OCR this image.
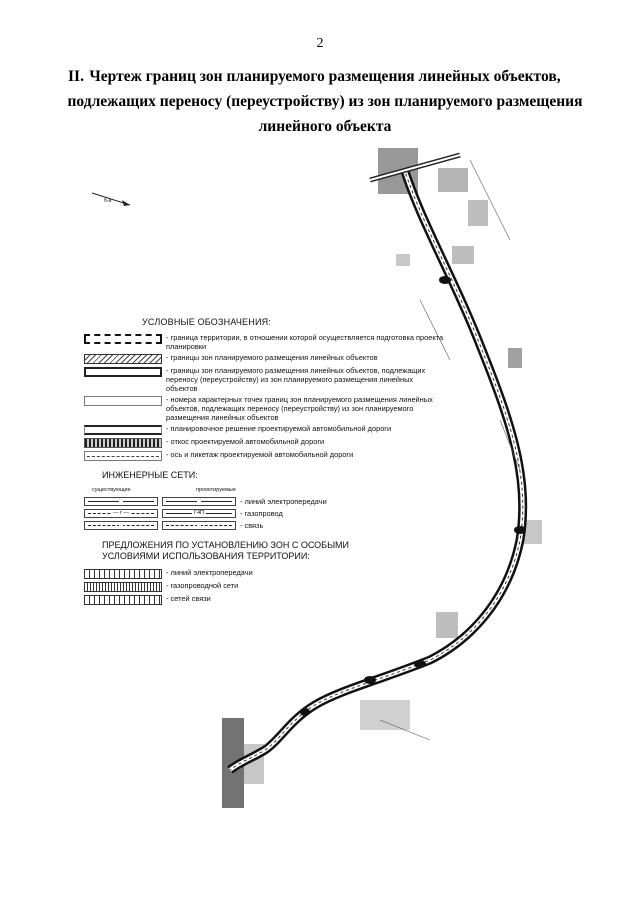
2
II. Чертеж границ зон планируемого размещения линейных объектов,
подлежащих переносу (переустройству) из зон планируемого размещения
линейного объекта
б-а
УСЛОВНЫЕ ОБОЗНАЧЕНИЯ:
- граница территории, в отношении которой осуществляется подготовка проекта планировки
- границы зон планируемого размещения линейных объектов
- границы зон планируемого размещения линейных объектов, подлежащих переносу (переустройству) из зон планируемого размещения линейных объектов
- номера характерных точек границ зон планируемого размещения линейных объектов, подлежащих переносу (переустройству) из зон планируемого размещения линейных объектов
- планировочное решение проектируемой автомобильной дороги
- откос проектируемой автомобильной дороги
- ось и пикетаж проектируемой автомобильной дороги
ИНЖЕНЕРНЫЕ СЕТИ:
существующие	проектируемые
- линий электропередачи
— г —	Г4П	- газопровод
- связь
ПРЕДЛОЖЕНИЯ ПО УСТАНОВЛЕНИЮ ЗОН С ОСОБЫМИ
УСЛОВИЯМИ ИСПОЛЬЗОВАНИЯ ТЕРРИТОРИИ:
- линий электропередачи
- газопроводной сети
- сетей связи
